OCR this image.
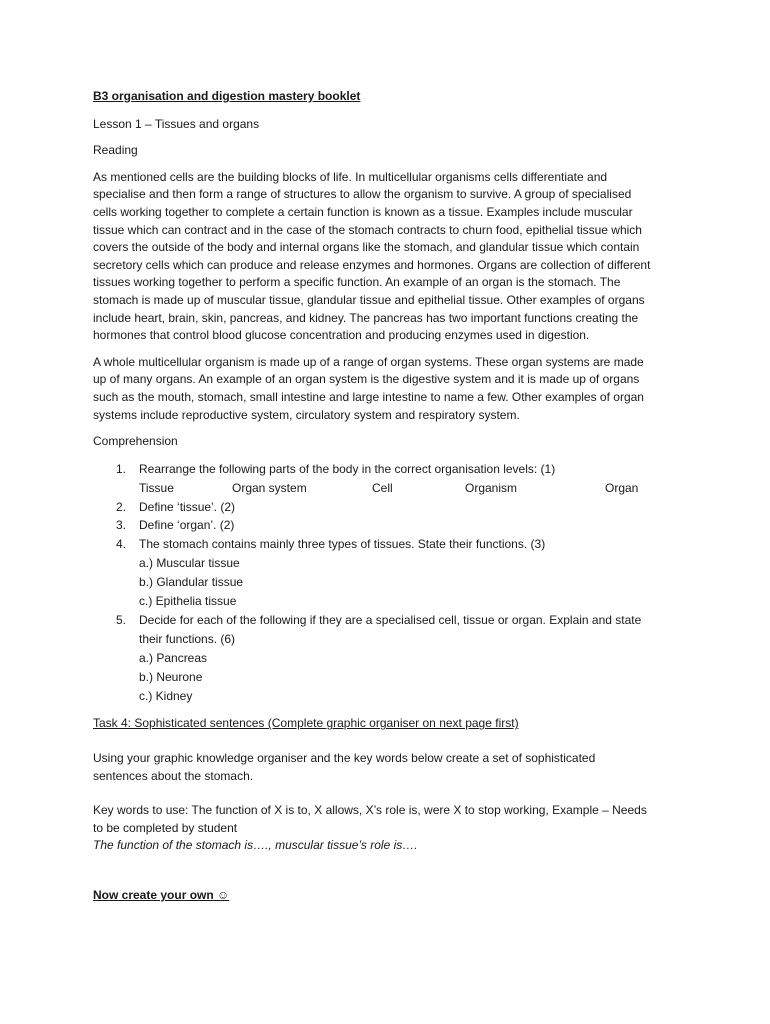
B3 organisation and digestion mastery booklet

Lesson 1 – Tissues and organs

Reading

As mentioned cells are the building blocks of life. In multicellular organisms cells differentiate and specialise and then form a range of structures to allow the organism to survive. A group of specialised cells working together to complete a certain function is known as a tissue. Examples include muscular tissue which can contract and in the case of the stomach contracts to churn food, epithelial tissue which covers the outside of the body and internal organs like the stomach, and glandular tissue which contain secretory cells which can produce and release enzymes and hormones. Organs are collection of different tissues working together to perform a specific function. An example of an organ is the stomach. The stomach is made up of muscular tissue, glandular tissue and epithelial tissue. Other examples of organs include heart, brain, skin, pancreas, and kidney. The pancreas has two important functions creating the hormones that control blood glucose concentration and producing enzymes used in digestion.

A whole multicellular organism is made up of a range of organ systems. These organ systems are made up of many organs. An example of an organ system is the digestive system and it is made up of organs such as the mouth, stomach, small intestine and large intestine to name a few. Other examples of organ systems include reproductive system, circulatory system and respiratory system.

Comprehension

1. Rearrange the following parts of the body in the correct organisation levels: (1)
Tissue	Organ system	Cell	Organism	Organ
2. Define ‘tissue’. (2)
3. Define ‘organ’. (2)
4. The stomach contains mainly three types of tissues. State their functions. (3)
a.) Muscular tissue
b.) Glandular tissue
c.) Epithelia tissue
5. Decide for each of the following if they are a specialised cell, tissue or organ. Explain and state their functions. (6)
a.) Pancreas
b.) Neurone
c.) Kidney

Task 4: Sophisticated sentences (Complete graphic organiser on next page first)

Using your graphic knowledge organiser and the key words below create a set of sophisticated sentences about the stomach.

Key words to use: The function of X is to, X allows, X’s role is, were X to stop working, Example – Needs to be completed by student

The function of the stomach is…., muscular tissue’s role is….

Now create your own ☺
